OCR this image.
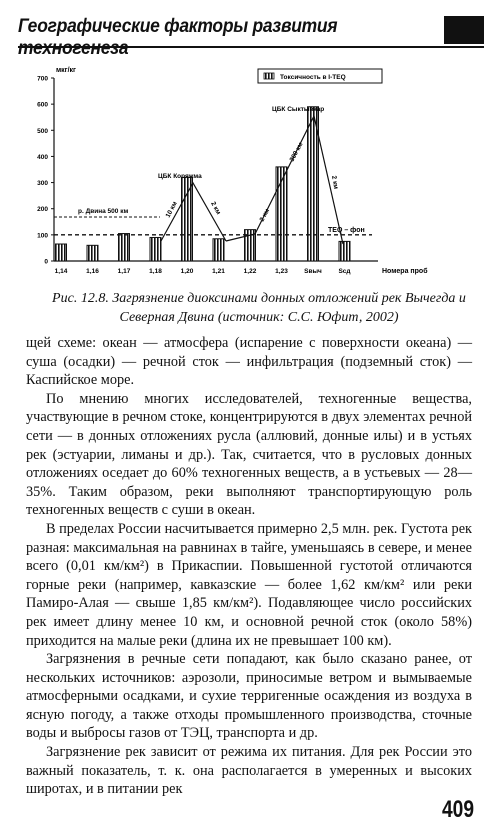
Географические факторы развития техногенеза
мкг/кг
0
100
200
300
400
500
600
700
1,14	1,16	1,17	1,18	1,20	1,21	1,22	1,23	Sвыч	Sсд
TEQ – фон
Номера проб
Токсичность в I-TEQ
р. Двина 500 км
ЦБК Коряжма
ЦБК Сыктывкар
10 км	2 км	2 км
300 км
2 км
Рис. 12.8. Загрязнение диоксинами донных отложений рек Вычегда и Северная Двина (источник: С.С. Юфит, 2002)

щей схеме: океан — атмосфера (испарение с поверхности океана) — суша (осадки) — речной сток — инфильтрация (подземный сток) — Каспийское море.

По мнению многих исследователей, техногенные вещества, участвующие в речном стоке, концентрируются в двух элементах речной сети — в донных отложениях русла (аллювий, донные илы) и в устьях рек (эстуарии, лиманы и др.). Так, считается, что в русловых донных отложениях оседает до 60% техногенных веществ, а в устьевых — 28—35%. Таким образом, реки выполняют транспортирующую роль техногенных веществ с суши в океан.

В пределах России насчитывается примерно 2,5 млн. рек. Густота рек разная: максимальная на равнинах в тайге, уменьшаясь в севере, и менее всего (0,01 км/км²) в Прикаспии. Повышенной густотой отличаются горные реки (например, кавказские — более 1,62 км/км² или реки Памиро-Алая — свыше 1,85 км/км²). Подавляющее число российских рек имеет длину менее 10 км, и основной речной сток (около 58%) приходится на малые реки (длина их не превышает 100 км).

Загрязнения в речные сети попадают, как было сказано ранее, от нескольких источников: аэрозоли, приносимые ветром и вымываемые атмосферными осадками, и сухие терригенные осаждения из воздуха в ясную погоду, а также отходы промышленного производства, сточные воды и выбросы газов от ТЭЦ, транспорта и др.

Загрязнение рек зависит от режима их питания. Для рек России это важный показатель, т. к. она располагается в умеренных и высоких широтах, и в питании рек

409
